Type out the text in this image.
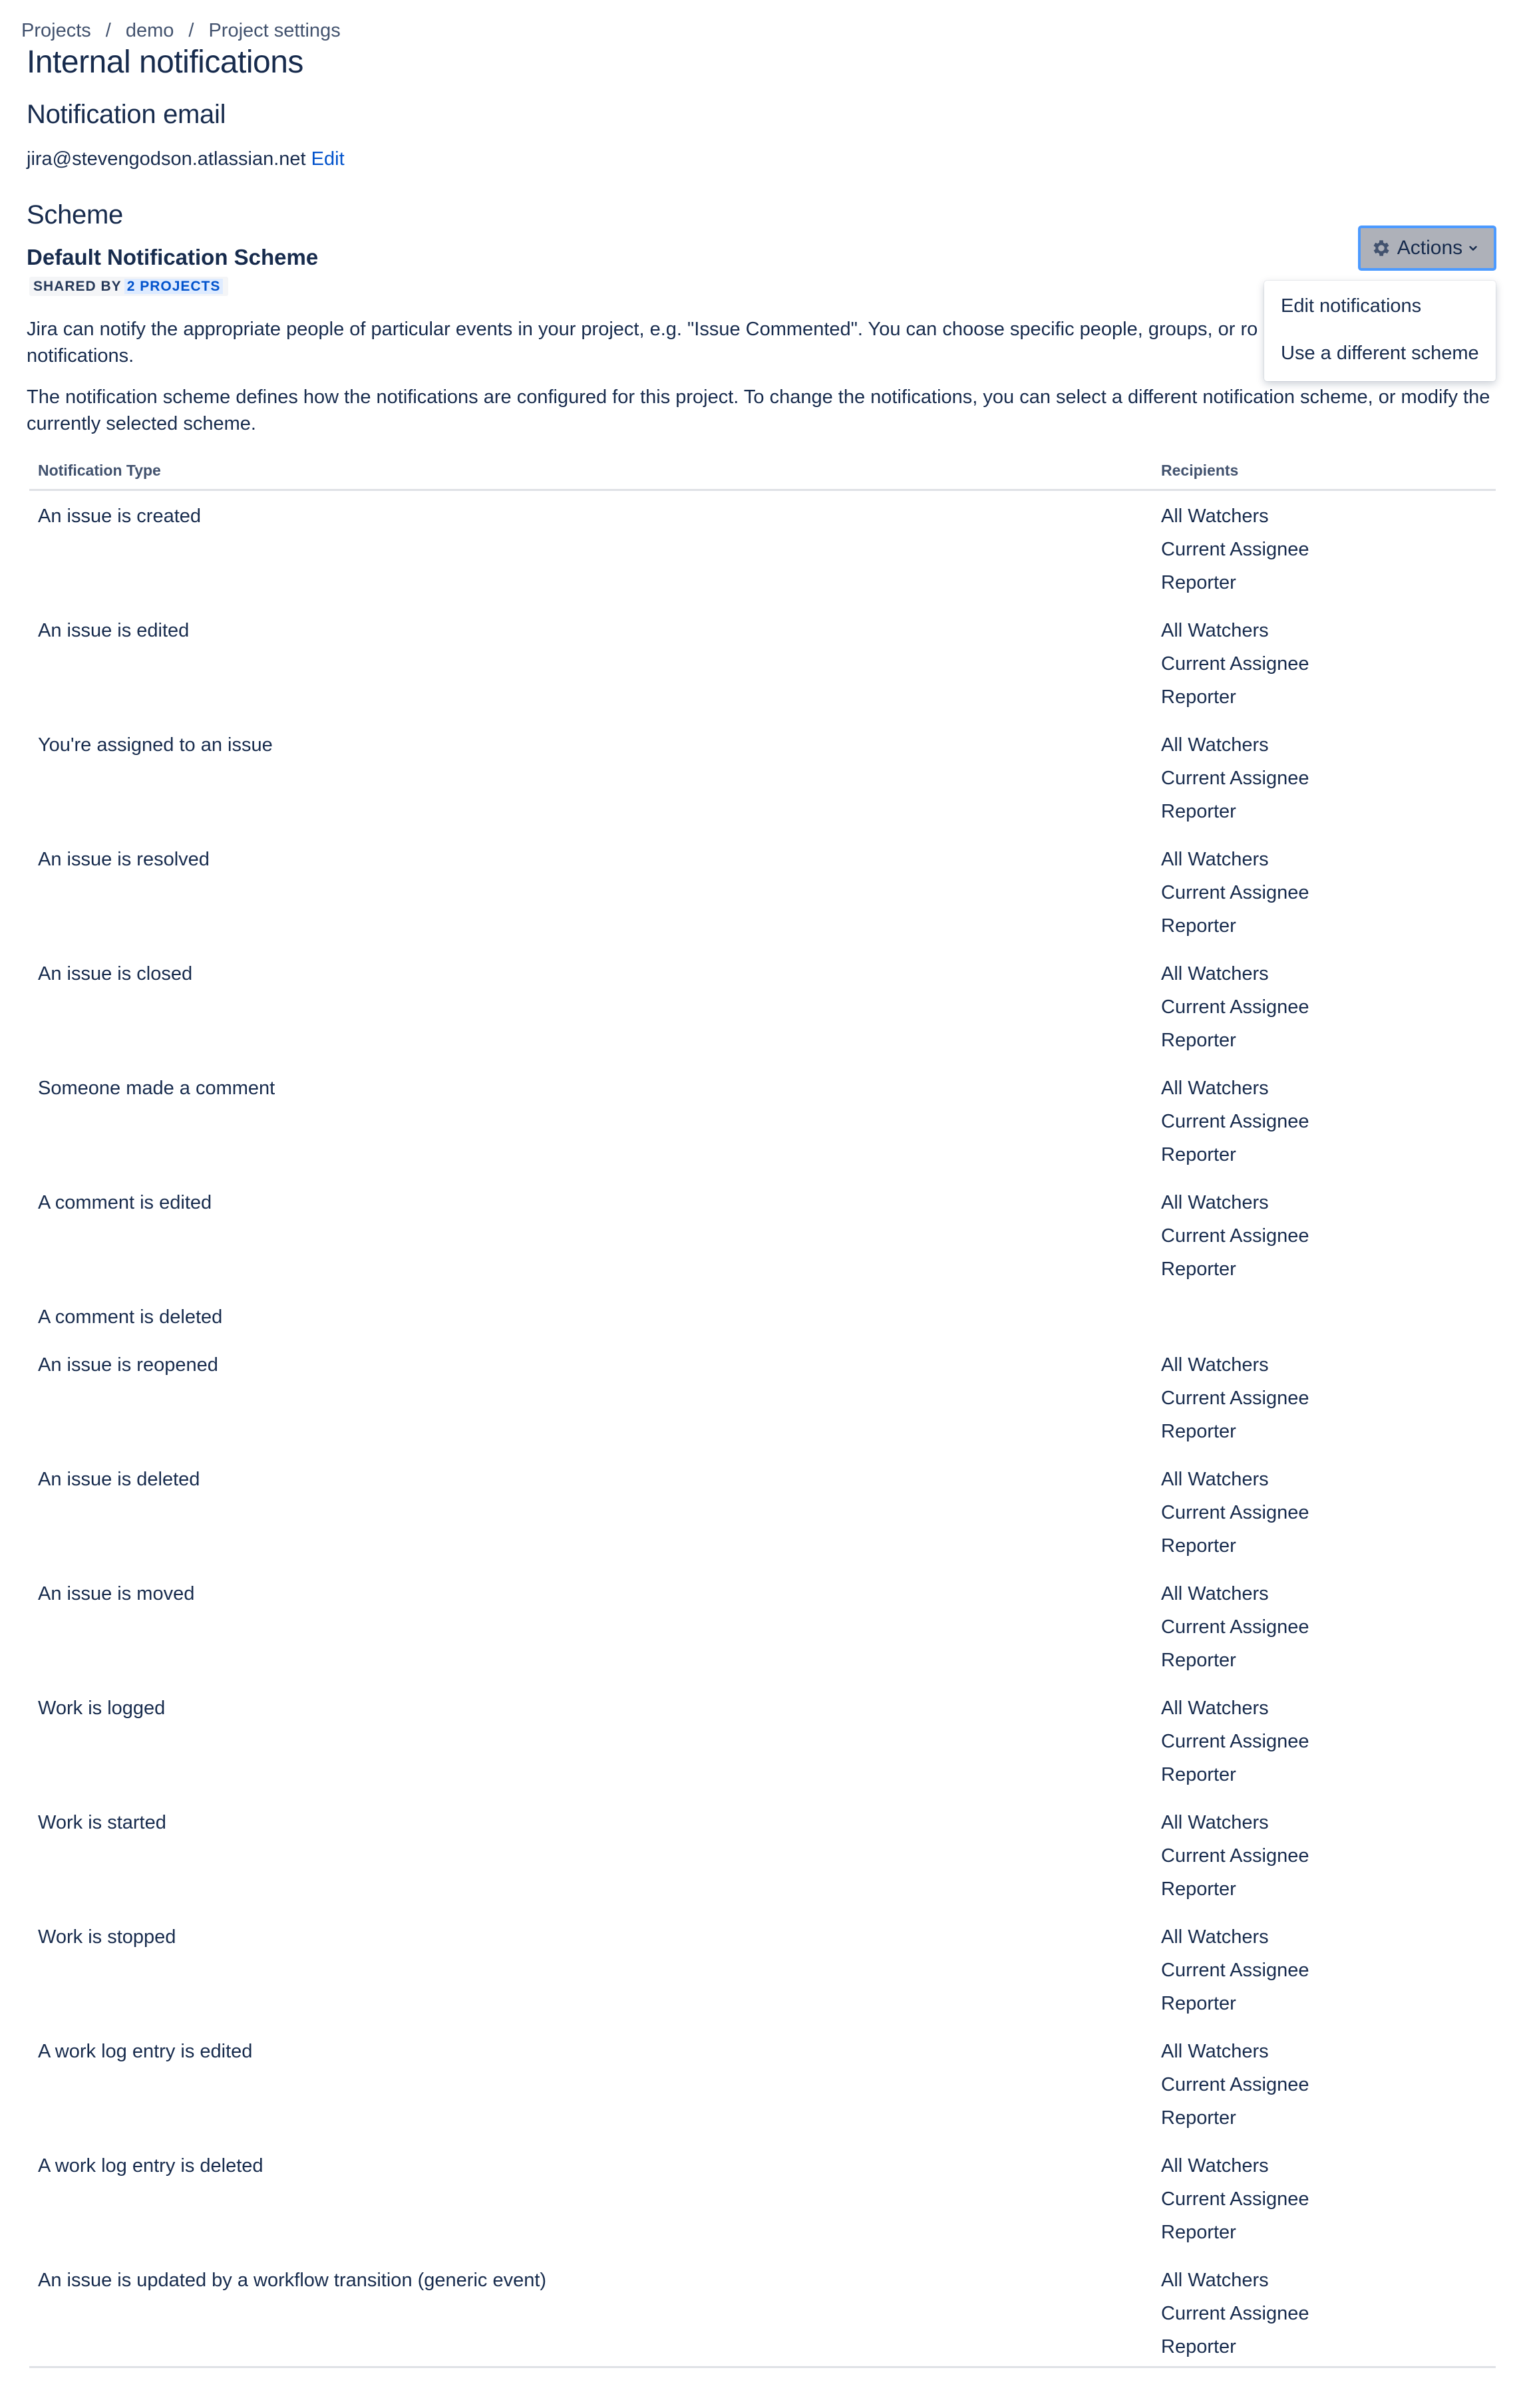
Projects / demo / Project settings
Internal notifications
Notification email
jira@stevengodson.atlassian.net Edit
Scheme
Default Notification Scheme
SHARED BY 2 PROJECTS
Jira can notify the appropriate people of particular events in your project, e.g. "Issue Commented". You can choose specific people, groups, or ro
notifications.
The notification scheme defines how the notifications are configured for this project. To change the notifications, you can select a different notification scheme, or modify the currently selected scheme.
Actions
Edit notifications
Use a different scheme
Notification Type	Recipients
An issue is created	All Watchers
Current Assignee
Reporter
An issue is edited	All Watchers
Current Assignee
Reporter
You're assigned to an issue	All Watchers
Current Assignee
Reporter
An issue is resolved	All Watchers
Current Assignee
Reporter
An issue is closed	All Watchers
Current Assignee
Reporter
Someone made a comment	All Watchers
Current Assignee
Reporter
A comment is edited	All Watchers
Current Assignee
Reporter
A comment is deleted
An issue is reopened	All Watchers
Current Assignee
Reporter
An issue is deleted	All Watchers
Current Assignee
Reporter
An issue is moved	All Watchers
Current Assignee
Reporter
Work is logged	All Watchers
Current Assignee
Reporter
Work is started	All Watchers
Current Assignee
Reporter
Work is stopped	All Watchers
Current Assignee
Reporter
A work log entry is edited	All Watchers
Current Assignee
Reporter
A work log entry is deleted	All Watchers
Current Assignee
Reporter
An issue is updated by a workflow transition (generic event)	All Watchers
Current Assignee
Reporter
